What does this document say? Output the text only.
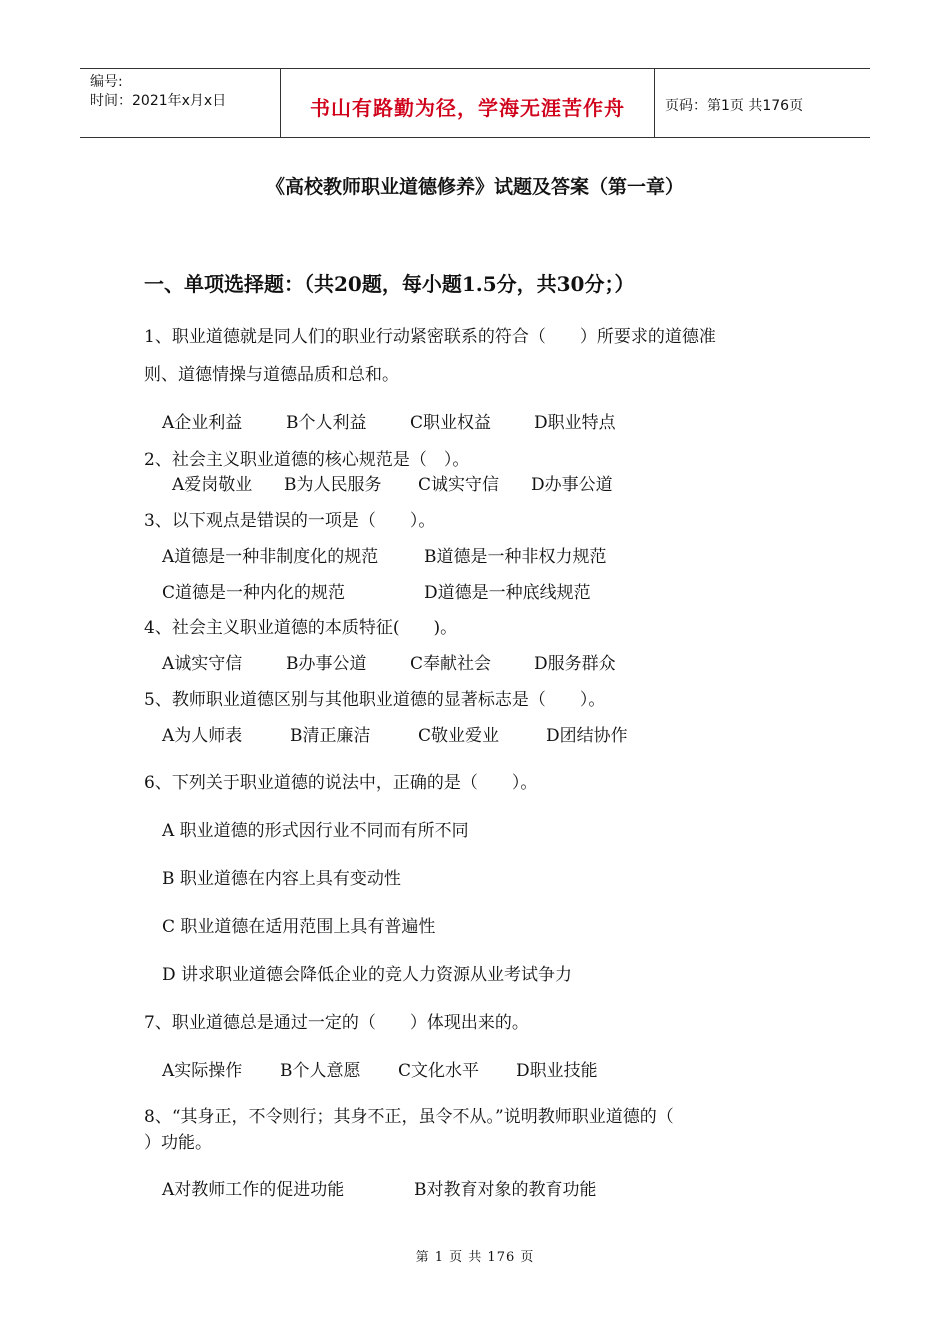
编号:
时间：2021年x月x日	书山有路勤为径，学海无涯苦作舟	页码：第1页 共176页
《高校教师职业道德修养》试题及答案（第一章）
一、单项选择题：（共20题，每小题1.5分，共30分；）
1、职业道德就是同人们的职业行动紧密联系的符合（　　）所要求的道德准
则、道德情操与道德品质和总和。
A企业利益	B个人利益	C职业权益	D职业特点
2、社会主义职业道德的核心规范是（　）。
A爱岗敬业 B为人民服务 C诚实守信 D办事公道
3、以下观点是错误的一项是（　　）。
A道德是一种非制度化的规范	B道德是一种非权力规范
C道德是一种内化的规范	D道德是一种底线规范
4、社会主义职业道德的本质特征(　　)。
A诚实守信	B办事公道	C奉献社会	D服务群众
5、教师职业道德区别与其他职业道德的显著标志是（　　）。
A为人师表	B清正廉洁	C敬业爱业	D团结协作
6、下列关于职业道德的说法中，正确的是（　　）。
A 职业道德的形式因行业不同而有所不同
B 职业道德在内容上具有变动性
C 职业道德在适用范围上具有普遍性
D 讲求职业道德会降低企业的竞人力资源从业考试争力
7、职业道德总是通过一定的（　　）体现出来的。
A实际操作 B个人意愿 C文化水平 D职业技能
8、“其身正，不令则行；其身不正，虽令不从。”说明教师职业道德的（
）功能。
A对教师工作的促进功能	B对教育对象的教育功能
第 1 页 共 176 页
